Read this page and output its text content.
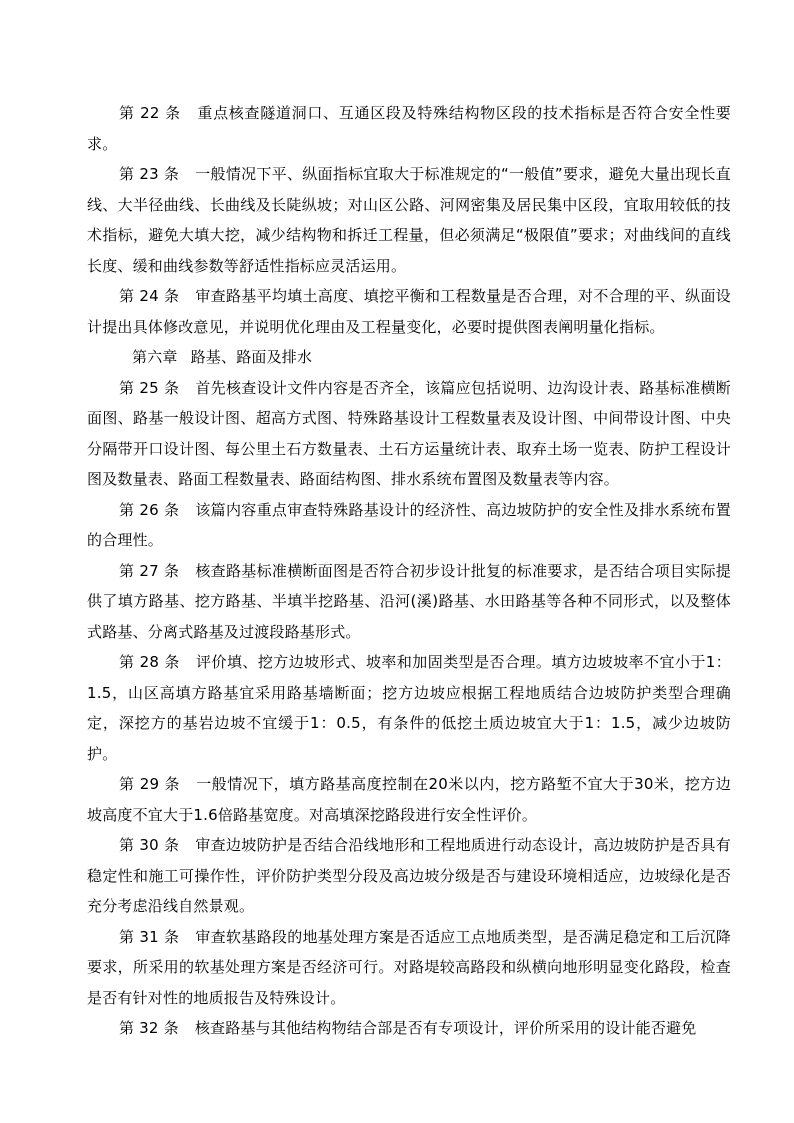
第 22 条 重点核查隧道洞口、互通区段及特殊结构物区段的技术指标是否符合安全性要求。

第 23 条 一般情况下平、纵面指标宜取大于标准规定的“一般值”要求，避免大量出现长直线、大半径曲线、长曲线及长陡纵坡；对山区公路、河网密集及居民集中区段，宜取用较低的技术指标，避免大填大挖，减少结构物和拆迁工程量，但必须满足“极限值”要求；对曲线间的直线长度、缓和曲线参数等舒适性指标应灵活运用。

第 24 条 审查路基平均填土高度、填挖平衡和工程数量是否合理，对不合理的平、纵面设计提出具体修改意见，并说明优化理由及工程量变化，必要时提供图表阐明量化指标。

第六章 路基、路面及排水

第 25 条 首先核查设计文件内容是否齐全，该篇应包括说明、边沟设计表、路基标准横断面图、路基一般设计图、超高方式图、特殊路基设计工程数量表及设计图、中间带设计图、中央分隔带开口设计图、每公里土石方数量表、土石方运量统计表、取弃土场一览表、防护工程设计图及数量表、路面工程数量表、路面结构图、排水系统布置图及数量表等内容。

第 26 条 该篇内容重点审查特殊路基设计的经济性、高边坡防护的安全性及排水系统布置的合理性。

第 27 条 核查路基标准横断面图是否符合初步设计批复的标准要求，是否结合项目实际提供了填方路基、挖方路基、半填半挖路基、沿河(溪)路基、水田路基等各种不同形式，以及整体式路基、分离式路基及过渡段路基形式。

第 28 条 评价填、挖方边坡形式、坡率和加固类型是否合理。填方边坡坡率不宜小于1：1.5，山区高填方路基宜采用路基墙断面；挖方边坡应根据工程地质结合边坡防护类型合理确定，深挖方的基岩边坡不宜缓于1：0.5，有条件的低挖土质边坡宜大于1：1.5，减少边坡防护。

第 29 条 一般情况下，填方路基高度控制在20米以内，挖方路堑不宜大于30米，挖方边坡高度不宜大于1.6倍路基宽度。对高填深挖路段进行安全性评价。

第 30 条 审查边坡防护是否结合沿线地形和工程地质进行动态设计，高边坡防护是否具有稳定性和施工可操作性，评价防护类型分段及高边坡分级是否与建设环境相适应，边坡绿化是否充分考虑沿线自然景观。

第 31 条 审查软基路段的地基处理方案是否适应工点地质类型，是否满足稳定和工后沉降要求，所采用的软基处理方案是否经济可行。对路堤较高路段和纵横向地形明显变化路段，检查是否有针对性的地质报告及特殊设计。

第 32 条 核查路基与其他结构物结合部是否有专项设计，评价所采用的设计能否避免
